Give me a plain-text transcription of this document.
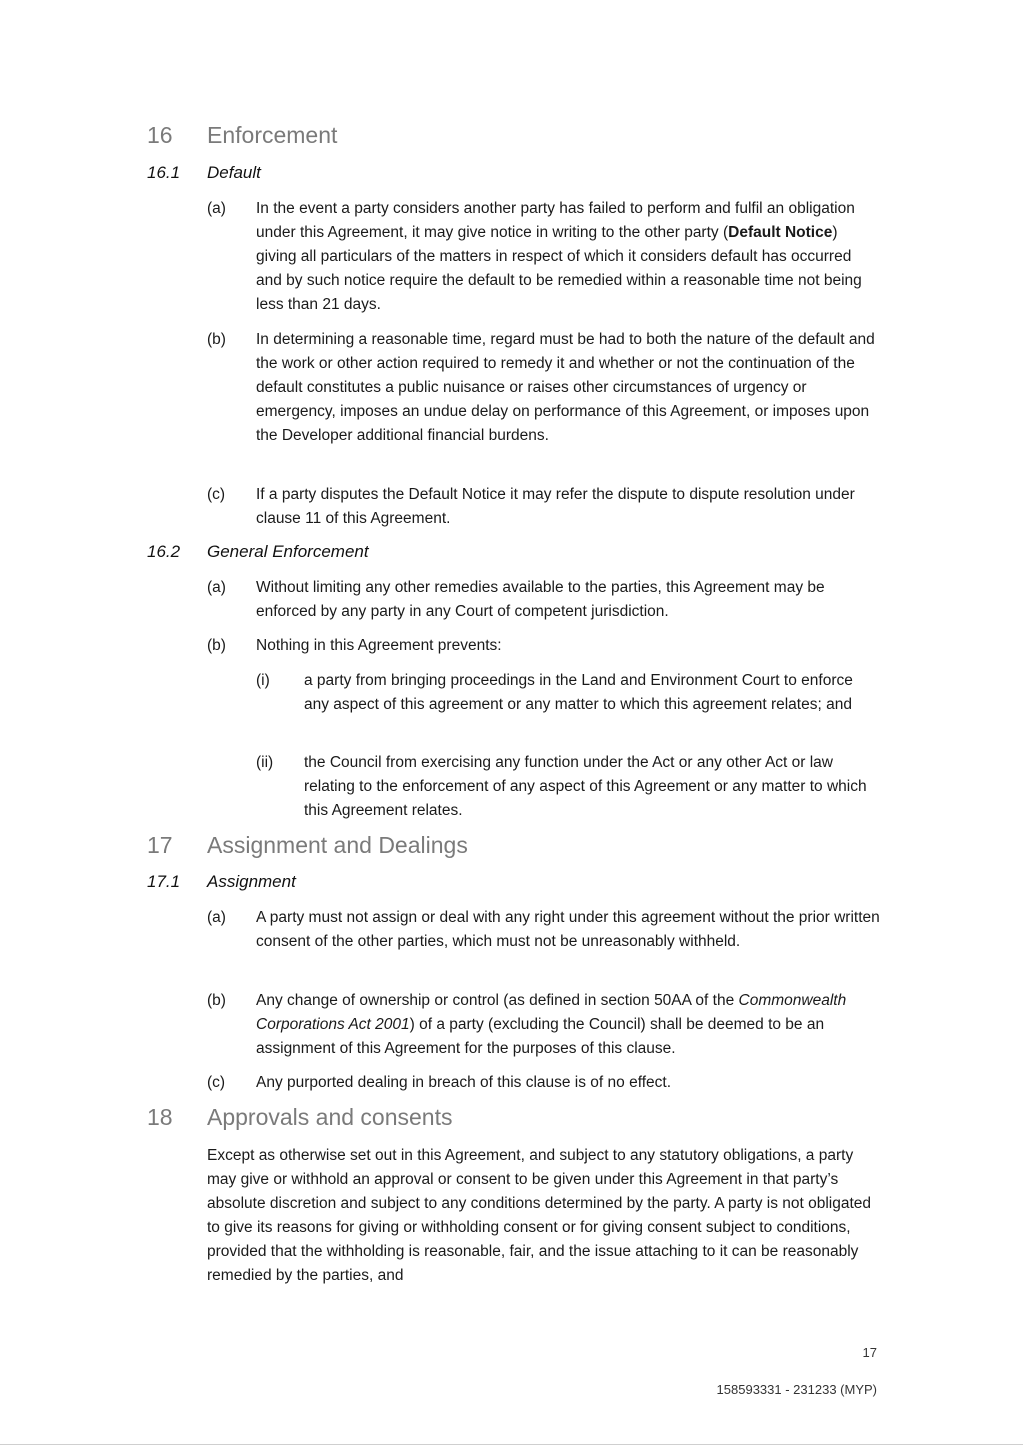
16 Enforcement
16.1 Default
(a) In the event a party considers another party has failed to perform and fulfil an obligation under this Agreement, it may give notice in writing to the other party (Default Notice) giving all particulars of the matters in respect of which it considers default has occurred and by such notice require the default to be remedied within a reasonable time not being less than 21 days.

(b) In determining a reasonable time, regard must be had to both the nature of the default and the work or other action required to remedy it and whether or not the continuation of the default constitutes a public nuisance or raises other circumstances of urgency or emergency, imposes an undue delay on performance of this Agreement, or imposes upon the Developer additional financial burdens.

(c) If a party disputes the Default Notice it may refer the dispute to dispute resolution under clause 11 of this Agreement.

16.2 General Enforcement
(a) Without limiting any other remedies available to the parties, this Agreement may be enforced by any party in any Court of competent jurisdiction.

(b) Nothing in this Agreement prevents:

(i) a party from bringing proceedings in the Land and Environment Court to enforce any aspect of this agreement or any matter to which this agreement relates; and

(ii) the Council from exercising any function under the Act or any other Act or law relating to the enforcement of any aspect of this Agreement or any matter to which this Agreement relates.

17 Assignment and Dealings
17.1 Assignment
(a) A party must not assign or deal with any right under this agreement without the prior written consent of the other parties, which must not be unreasonably withheld.

(b) Any change of ownership or control (as defined in section 50AA of the Commonwealth Corporations Act 2001) of a party (excluding the Council) shall be deemed to be an assignment of this Agreement for the purposes of this clause.

(c) Any purported dealing in breach of this clause is of no effect.

18 Approvals and consents

Except as otherwise set out in this Agreement, and subject to any statutory obligations, a party may give or withhold an approval or consent to be given under this Agreement in that party’s absolute discretion and subject to any conditions determined by the party. A party is not obligated to give its reasons for giving or withholding consent or for giving consent subject to conditions, provided that the withholding is reasonable, fair, and the issue attaching to it can be reasonably remedied by the parties, and

17
158593331 - 231233 (MYP)
